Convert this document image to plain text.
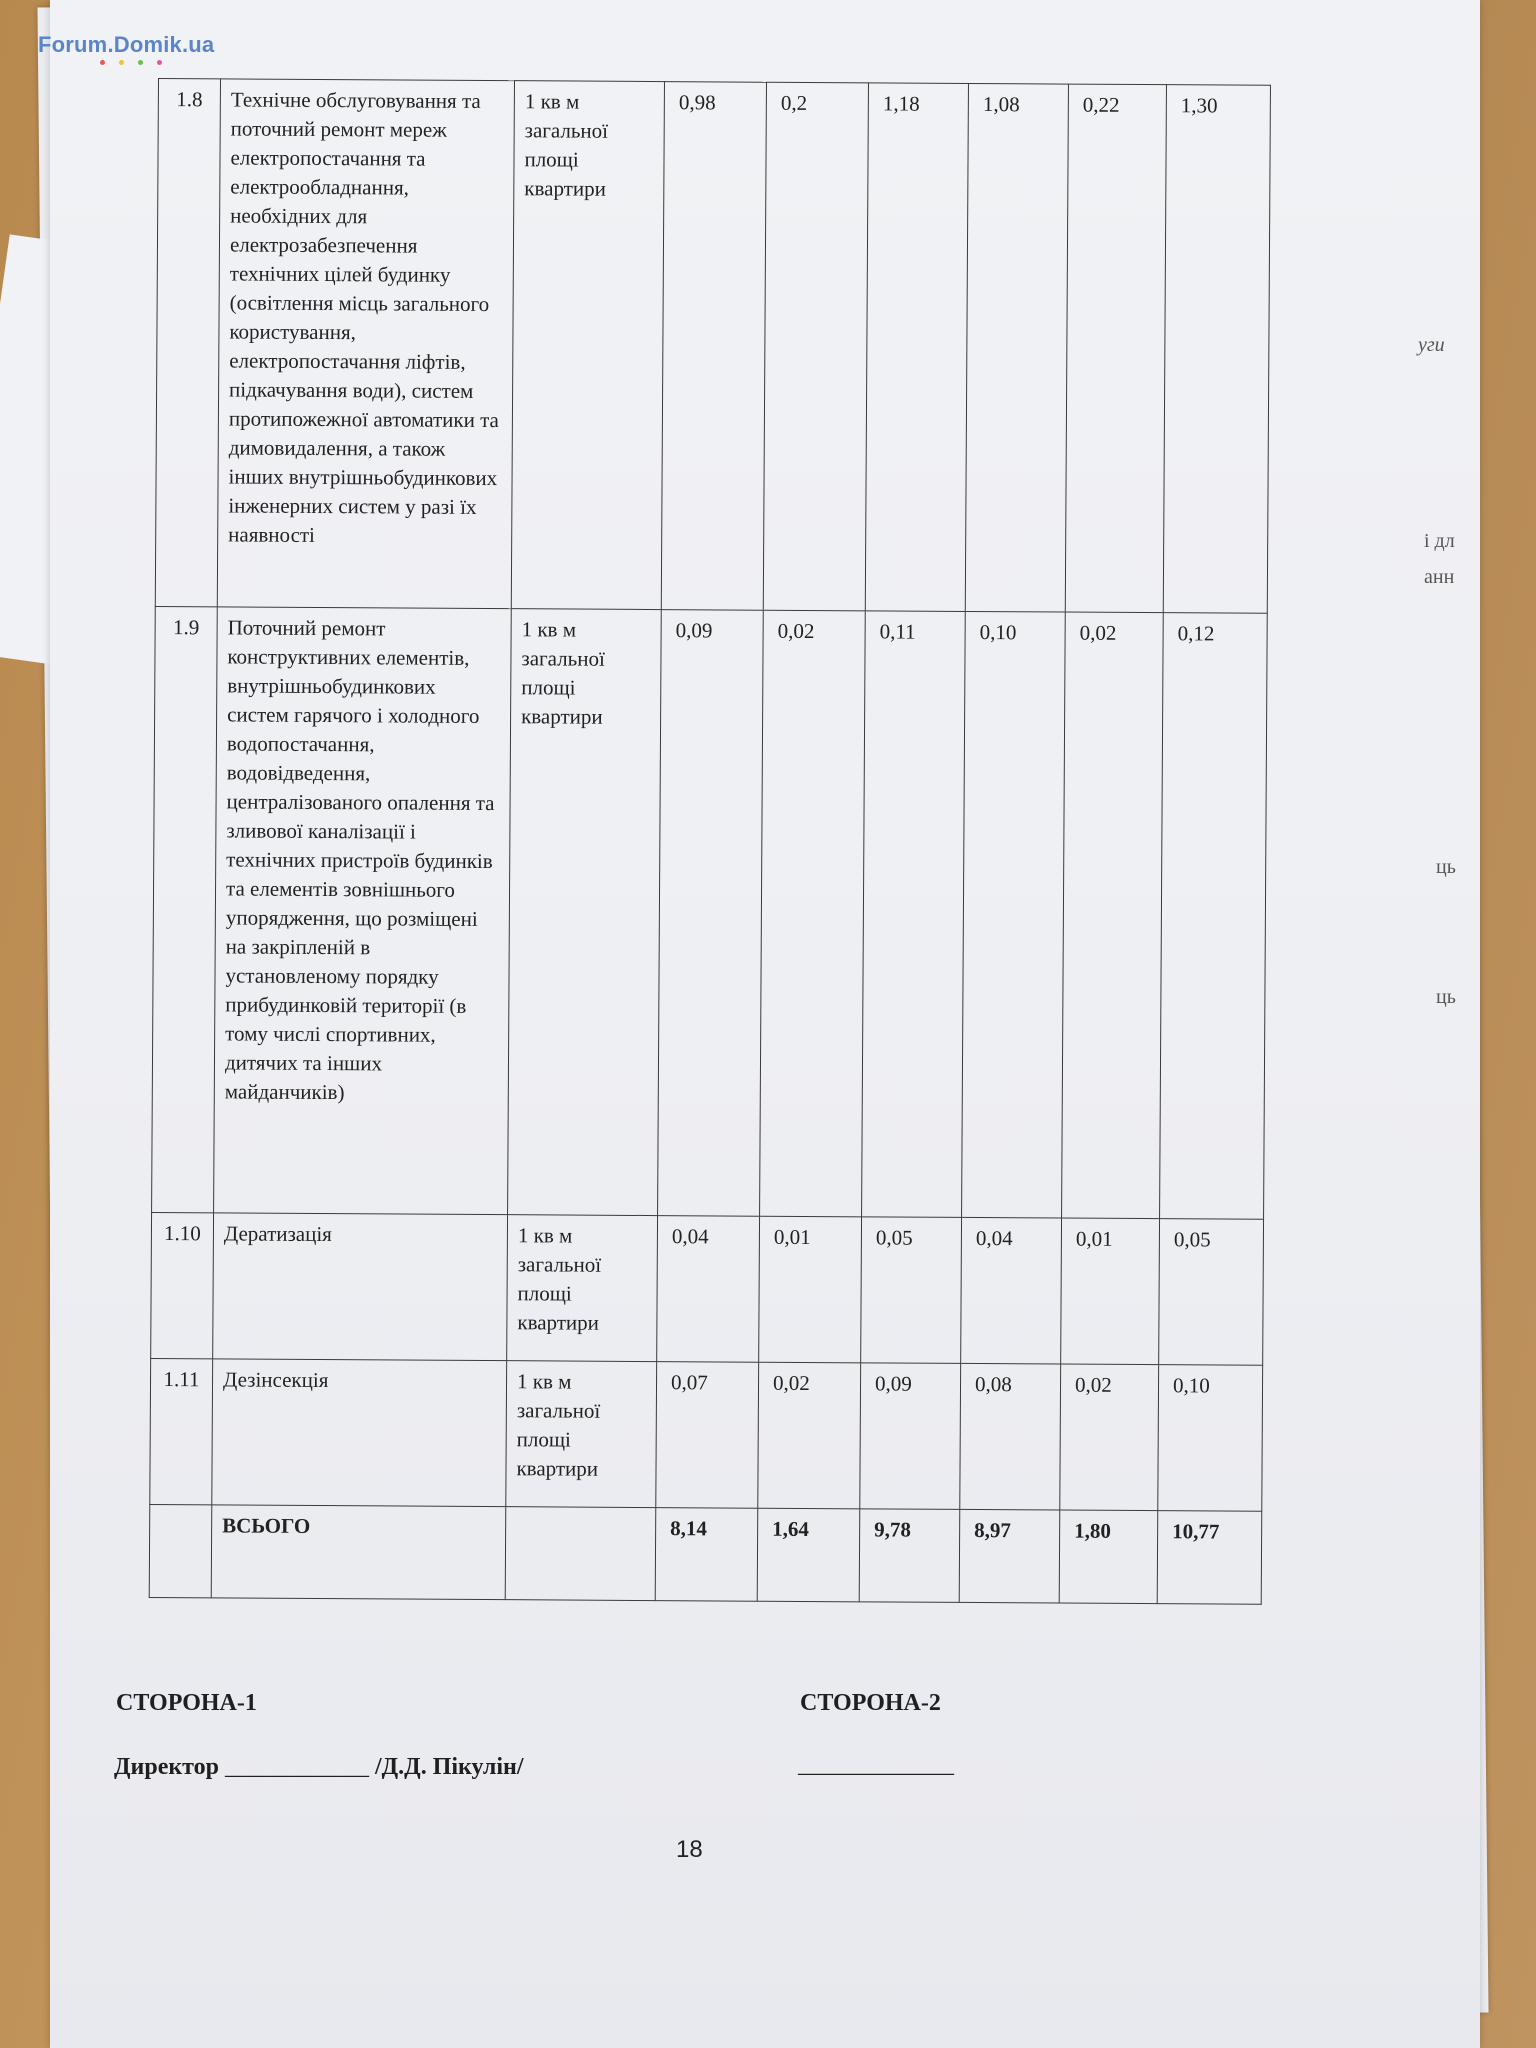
уги
і дл
анн
ць
ць
1.8	Технічне обслуговування та поточний ремонт мереж електропостачання та електрообладнання, необхідних для електрозабезпечення технічних цілей будинку (освітлення місць загального користування, електропостачання ліфтів, підкачування води), систем протипожежної автоматики та димовидалення, а також інших внутрішньобудинкових інженерних систем у разі їх наявності	1 кв м загальної площі квартири	0,98	0,2	1,18	1,08	0,22	1,30	
1.9	Поточний ремонт конструктивних елементів, внутрішньобудинкових систем гарячого і холодного водопостачання, водовідведення, централізованого опалення та зливової каналізації і технічних пристроїв будинків та елементів зовнішнього упорядження, що розміщені на закріпленій в установленому порядку прибудинковій території (в тому числі спортивних, дитячих та інших майданчиків)	1 кв м загальної площі квартири	0,09	0,02	0,11	0,10	0,02	0,12	
1.10	Дератизація	1 кв м загальної площі квартири	0,04	0,01	0,05	0,04	0,01	0,05	
1.11	Дезінсекція	1 кв м загальної площі квартири	0,07	0,02	0,09	0,08	0,02	0,10	
	ВСЬОГО		8,14	1,64	9,78	8,97	1,80	10,77	
СТОРОНА-1	СТОРОНА-2
Директор ____________ /Д.Д. Пікулін/	_____________
18
Forum.Domik.ua
